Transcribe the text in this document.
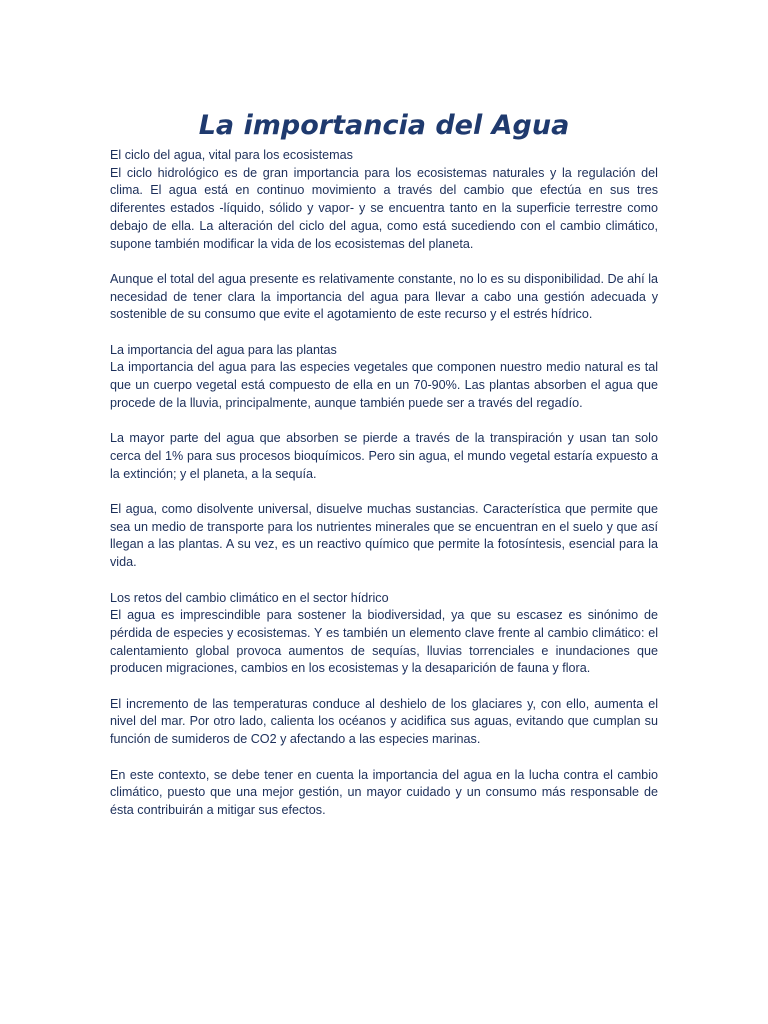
La importancia del Agua

El ciclo del agua, vital para los ecosistemas

El ciclo hidrológico es de gran importancia para los ecosistemas naturales y la regulación del clima. El agua está en continuo movimiento a través del cambio que efectúa en sus tres diferentes estados -líquido, sólido y vapor- y se encuentra tanto en la superficie terrestre como debajo de ella. La alteración del ciclo del agua, como está sucediendo con el cambio climático, supone también modificar la vida de los ecosistemas del planeta.

Aunque el total del agua presente es relativamente constante, no lo es su disponibilidad. De ahí la necesidad de tener clara la importancia del agua para llevar a cabo una gestión adecuada y sostenible de su consumo que evite el agotamiento de este recurso y el estrés hídrico.

La importancia del agua para las plantas

La importancia del agua para las especies vegetales que componen nuestro medio natural es tal que un cuerpo vegetal está compuesto de ella en un 70-90%. Las plantas absorben el agua que procede de la lluvia, principalmente, aunque también puede ser a través del regadío.

La mayor parte del agua que absorben se pierde a través de la transpiración y usan tan solo cerca del 1% para sus procesos bioquímicos. Pero sin agua, el mundo vegetal estaría expuesto a la extinción; y el planeta, a la sequía.

El agua, como disolvente universal, disuelve muchas sustancias. Característica que permite que sea un medio de transporte para los nutrientes minerales que se encuentran en el suelo y que así llegan a las plantas. A su vez, es un reactivo químico que permite la fotosíntesis, esencial para la vida.

Los retos del cambio climático en el sector hídrico

El agua es imprescindible para sostener la biodiversidad, ya que su escasez es sinónimo de pérdida de especies y ecosistemas. Y es también un elemento clave frente al cambio climático: el calentamiento global provoca aumentos de sequías, lluvias torrenciales e inundaciones que producen migraciones, cambios en los ecosistemas y la desaparición de fauna y flora.

El incremento de las temperaturas conduce al deshielo de los glaciares y, con ello, aumenta el nivel del mar. Por otro lado, calienta los océanos y acidifica sus aguas, evitando que cumplan su función de sumideros de CO2 y afectando a las especies marinas.

En este contexto, se debe tener en cuenta la importancia del agua en la lucha contra el cambio climático, puesto que una mejor gestión, un mayor cuidado y un consumo más responsable de ésta contribuirán a mitigar sus efectos.
